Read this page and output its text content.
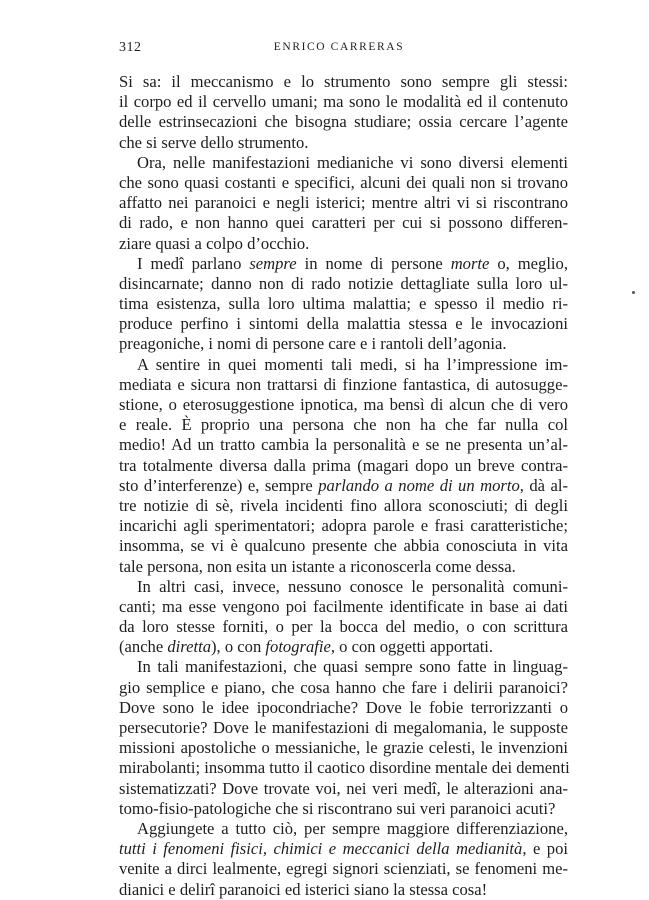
312	ENRICO CARRERAS
Si sa: il meccanismo e lo strumento sono sempre gli stessi:
il corpo ed il cervello umani; ma sono le modalità ed il contenuto
delle estrinsecazioni che bisogna studiare; ossia cercare l’agente
che si serve dello strumento.
Ora, nelle manifestazioni medianiche vi sono diversi elementi
che sono quasi costanti e specifici, alcuni dei quali non si trovano
affatto nei paranoici e negli isterici; mentre altri vi si riscontrano
di rado, e non hanno quei caratteri per cui si possono differen-
ziare quasi a colpo d’occhio.
I medî parlano sempre in nome di persone morte o, meglio,
disincarnate; danno non di rado notizie dettagliate sulla loro ul-
tima esistenza, sulla loro ultima malattia; e spesso il medio ri-
produce perfino i sintomi della malattia stessa e le invocazioni
preagoniche, i nomi di persone care e i rantoli dell’agonia.
A sentire in quei momenti tali medi, si ha l’impressione im-
mediata e sicura non trattarsi di finzione fantastica, di autosugge-
stione, o eterosuggestione ipnotica, ma bensì di alcun che di vero
e reale. È proprio una persona che non ha che far nulla col
medio! Ad un tratto cambia la personalità e se ne presenta un’al-
tra totalmente diversa dalla prima (magari dopo un breve contra-
sto d’interferenze) e, sempre parlando a nome di un morto, dà al-
tre notizie di sè, rivela incidenti fino allora sconosciuti; di degli
incarichi agli sperimentatori; adopra parole e frasi caratteristiche;
insomma, se vi è qualcuno presente che abbia conosciuta in vita
tale persona, non esita un istante a riconoscerla come dessa.
In altri casi, invece, nessuno conosce le personalità comuni-
canti; ma esse vengono poi facilmente identificate in base ai dati
da loro stesse forniti, o per la bocca del medio, o con scrittura
(anche diretta), o con fotografie, o con oggetti apportati.
In tali manifestazioni, che quasi sempre sono fatte in linguag-
gio semplice e piano, che cosa hanno che fare i delirii paranoici?
Dove sono le idee ipocondriache? Dove le fobie terrorizzanti o
persecutorie? Dove le manifestazioni di megalomania, le supposte
missioni apostoliche o messianiche, le grazie celesti, le invenzioni
mirabolanti; insomma tutto il caotico disordine mentale dei dementi
sistematizzati? Dove trovate voi, nei veri medî, le alterazioni ana-
tomo-fisio-patologiche che si riscontrano sui veri paranoici acuti?
Aggiungete a tutto ciò, per sempre maggiore differenziazione,
tutti i fenomeni fisici, chimici e meccanici della medianità, e poi
venite a dirci lealmente, egregi signori scienziati, se fenomeni me-
dianici e delirî paranoici ed isterici siano la stessa cosa!
